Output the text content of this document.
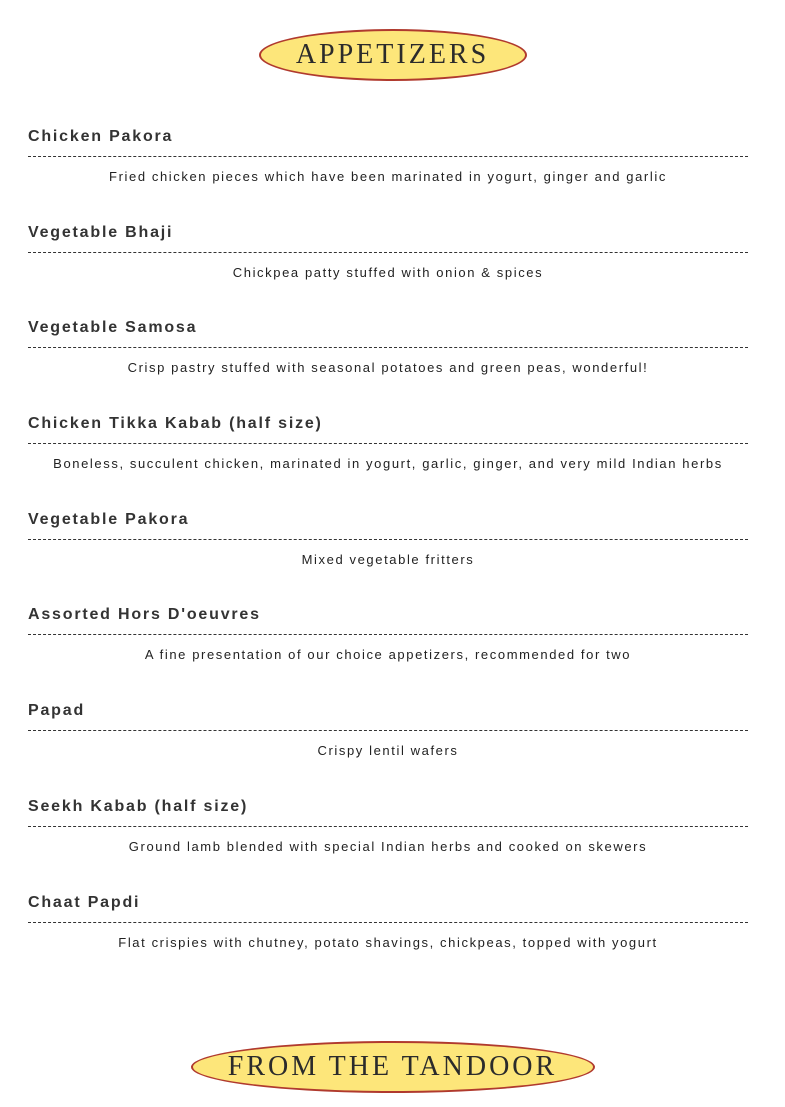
APPETIZERS
Chicken Pakora
Fried chicken pieces which have been marinated in yogurt, ginger and garlic
Vegetable Bhaji
Chickpea patty stuffed with onion & spices
Vegetable Samosa
Crisp pastry stuffed with seasonal potatoes and green peas, wonderful!
Chicken Tikka Kabab (half size)
Boneless, succulent chicken, marinated in yogurt, garlic, ginger, and very mild Indian herbs
Vegetable Pakora
Mixed vegetable fritters
Assorted Hors D'oeuvres
A fine presentation of our choice appetizers, recommended for two
Papad
Crispy lentil wafers
Seekh Kabab (half size)
Ground lamb blended with special Indian herbs and cooked on skewers
Chaat Papdi
Flat crispies with chutney, potato shavings, chickpeas, topped with yogurt
FROM THE TANDOOR
